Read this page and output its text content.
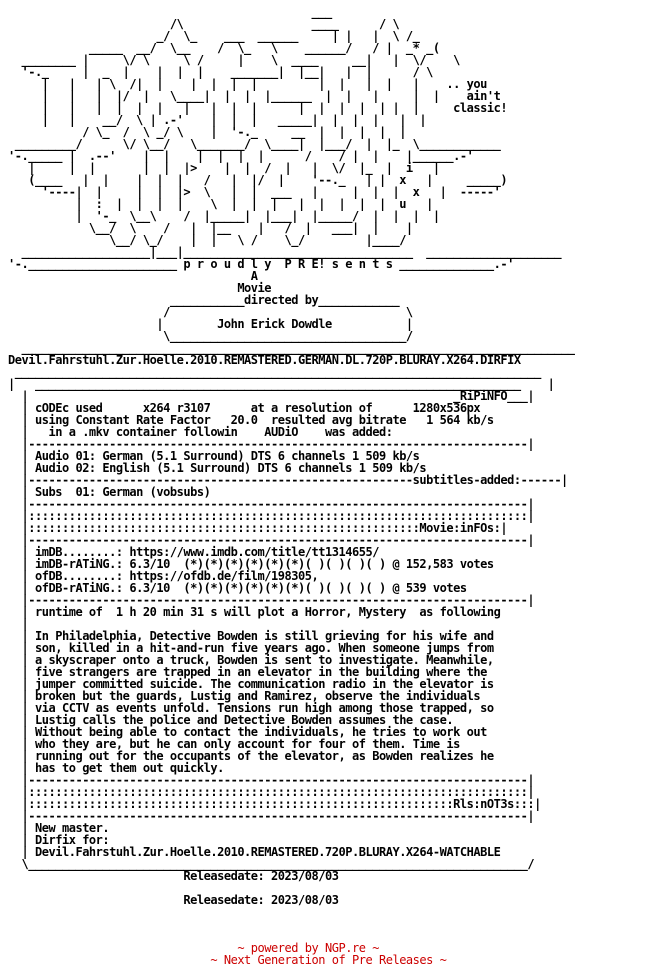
___
/\                   ____      / \
_/  \_    ___  ______     | |   |  \ /_
_____  __/  \__    /  \_   \    ______/   / |  _* _(
________ |     \/ \     \ /     |    \  ____     __|   |  \/    \
'-._     |  _  |    |  |  |    _______|  |__|   |  |      / \
|   |   | \  /|  |    |  |  |  |         |  |   |  |   |    .. you
|   |   |  |/  |   \____|  |  |  |______  |  |   |     |  |    ain't
|   |   |  |  |  |   |   |  |  |      |  |  |  |  | |  |     classic!
|   |    __/  \ | .-'    |  |  |   _____|  |  |  |   |  |
/ \_  /  \ _/ \    |  '-._     __  |  |  |  |  |
_________/      \/ \__/   \_______/  \____|  |___/  |  |_  \____________
'-._____ |  .--'    |  |    |  |  |  |      /    / |  |    |______.-'
|     |  |       |  |  |>    |  |  /  |   |  \/  |_  |  i   |
(____   |  |    |  |  |   /   |  |/  |    '--._   | |  x   |     _____)
'----|  |     |  |  |>  \   |  |  ___   |     |  |  |  x   |  -----'
|  :  |  |  |  |    \  |  |  |   |  |  |  |  |  u   |
|  '-_  \__\    /  |_____|  |___|  |_____/  |  |  |  |
\__/  \    /   |  |__    |   /  |   ___|  |    |
\__/ \_/    |  |   \ /    \_/         |____/
___________________|___|__________________________________  ____________________
'-.______________________ p r o u d l y  P R E! s e n t s ______________.-'
A
Movie
___________directed by____________
/                                   \
|        John Erick Dowdle           |
\___________________________________/
__________________________________________________________________________________
Devil.Fahrstuhl.Zur.Hoelle.2010.REMASTERED.GERMAN.DL.720P.BLURAY.X264.DIRFIX
______________________________________________________________________________
|   ________________________________________________________________________    |
|                                                               _RiPiNFO___|
| cODEc used      x264 r3107      at a resolution of      1280x536px
| using Constant Rate Factor   20.0  resulted avg bitrate   1 564 kb/s
|   in a .mkv container followin    AUDiO    was added:
|--------------------------------------------------------------------------|
| Audio 01: German (5.1 Surround) DTS 6 channels 1 509 kb/s
| Audio 02: English (5.1 Surround) DTS 6 channels 1 509 kb/s
|---------------------------------------------------------subtitles-added:------|
| Subs  01: German (vobsubs)
|--------------------------------------------------------------------------|
|::::::::::::::::::::::::::::::::::::::::::::::::::::::::::::::::::::::::::|
|::::::::::::::::::::::::::::::::::::::::::::::::::::::::::Movie:inFOs:|
|--------------------------------------------------------------------------|
| imDB........: https://www.imdb.com/title/tt1314655/
| imDB-rATiNG.: 6.3/10  (*)(*)(*)(*)(*)(*)( )( )( )( ) @ 152,583 votes
| ofDB........: https://ofdb.de/film/198305,
| ofDB-rATiNG.: 6.3/10  (*)(*)(*)(*)(*)(*)( )( )( )( ) @ 539 votes
|--------------------------------------------------------------------------|
| runtime of  1 h 20 min 31 s will plot a Horror, Mystery  as following
|
| In Philadelphia, Detective Bowden is still grieving for his wife and
| son, killed in a hit-and-run five years ago. When someone jumps from
| a skyscraper onto a truck, Bowden is sent to investigate. Meanwhile,
| five strangers are trapped in an elevator in the building where the
| jumper committed suicide. The communication radio in the elevator is
| broken but the guards, Lustig and Ramirez, observe the individuals
| via CCTV as events unfold. Tensions run high among those trapped, so
| Lustig calls the police and Detective Bowden assumes the case.
| Without being able to contact the individuals, he tries to work out
| who they are, but he can only account for four of them. Time is
| running out for the occupants of the elevator, as Bowden realizes he
| has to get them out quickly.
|--------------------------------------------------------------------------|
|::::::::::::::::::::::::::::::::::::::::::::::::::::::::::::::::::::::::::|
|:::::::::::::::::::::::::::::::::::::::::::::::::::::::::::::::Rls:nOT3s:::|
|--------------------------------------------------------------------------|
| New master.
| Dirfix for:
| Devil.Fahrstuhl.Zur.Hoelle.2010.REMASTERED.720P.BLURAY.X264-WATCHABLE
\__________________________________________________________________________/
Releasedate: 2023/08/03
Releasedate: 2023/08/03
~ powered by NGP.re ~
~ Next Generation of Pre Releases ~
